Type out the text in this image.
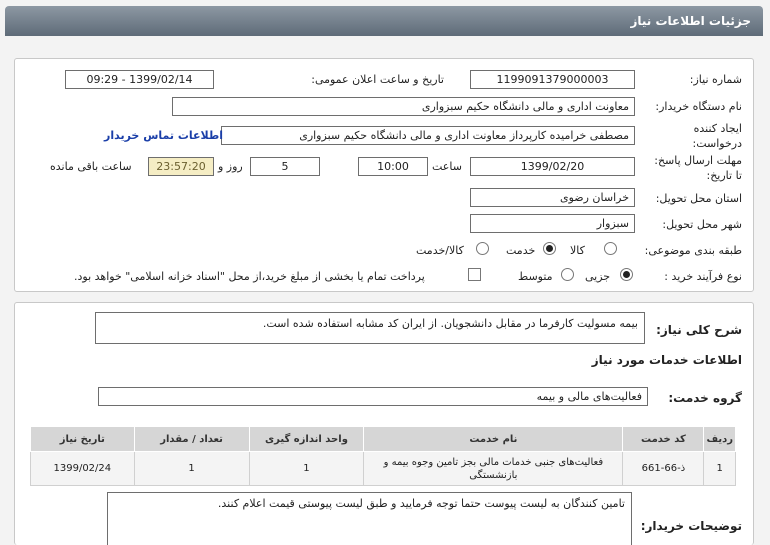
جزئیات اطلاعات نیاز
شماره نیاز:
1199091379000003
تاریخ و ساعت اعلان عمومی:
1399/02/14 - 09:29
نام دستگاه خریدار:
معاونت اداری و مالی دانشگاه حکیم سبزواری
ایجاد کننده
درخواست:
مصطفی خرامیده کارپرداز معاونت اداری و مالی دانشگاه حکیم سبزواری
اطلاعات تماس خریدار
مهلت ارسال پاسخ:
تا تاریخ:
1399/02/20
ساعت
10:00
5
روز و
23:57:20
ساعت باقی مانده
استان محل تحویل:
خراسان رضوی
شهر محل تحویل:
سبزوار
طبقه بندی موضوعی:
کالا
خدمت
کالا/خدمت
نوع فرآیند خرید :
جزیی
متوسط
پرداخت تمام یا بخشی از مبلغ خرید،از محل "اسناد خزانه اسلامی" خواهد بود.
شرح کلی نیاز:
بیمه مسولیت کارفرما در مقابل دانشجویان. از ایران کد مشابه استفاده شده است.
اطلاعات خدمات مورد نیاز
گروه خدمت:
فعالیت‌های مالی و بیمه
ردیف	کد خدمت	نام خدمت	واحد اندازه گیری	تعداد / مقدار	تاریخ نیاز
1	ذ-66-661	فعالیت‌های جنبی خدمات مالی بجز تامین وجوه بیمه و بازنشستگی	1	1	1399/02/24
توضیحات خریدار:
تامین کنندگان به لیست پیوست حتما توجه فرمایید و طبق لیست پیوستی قیمت اعلام کنند.
